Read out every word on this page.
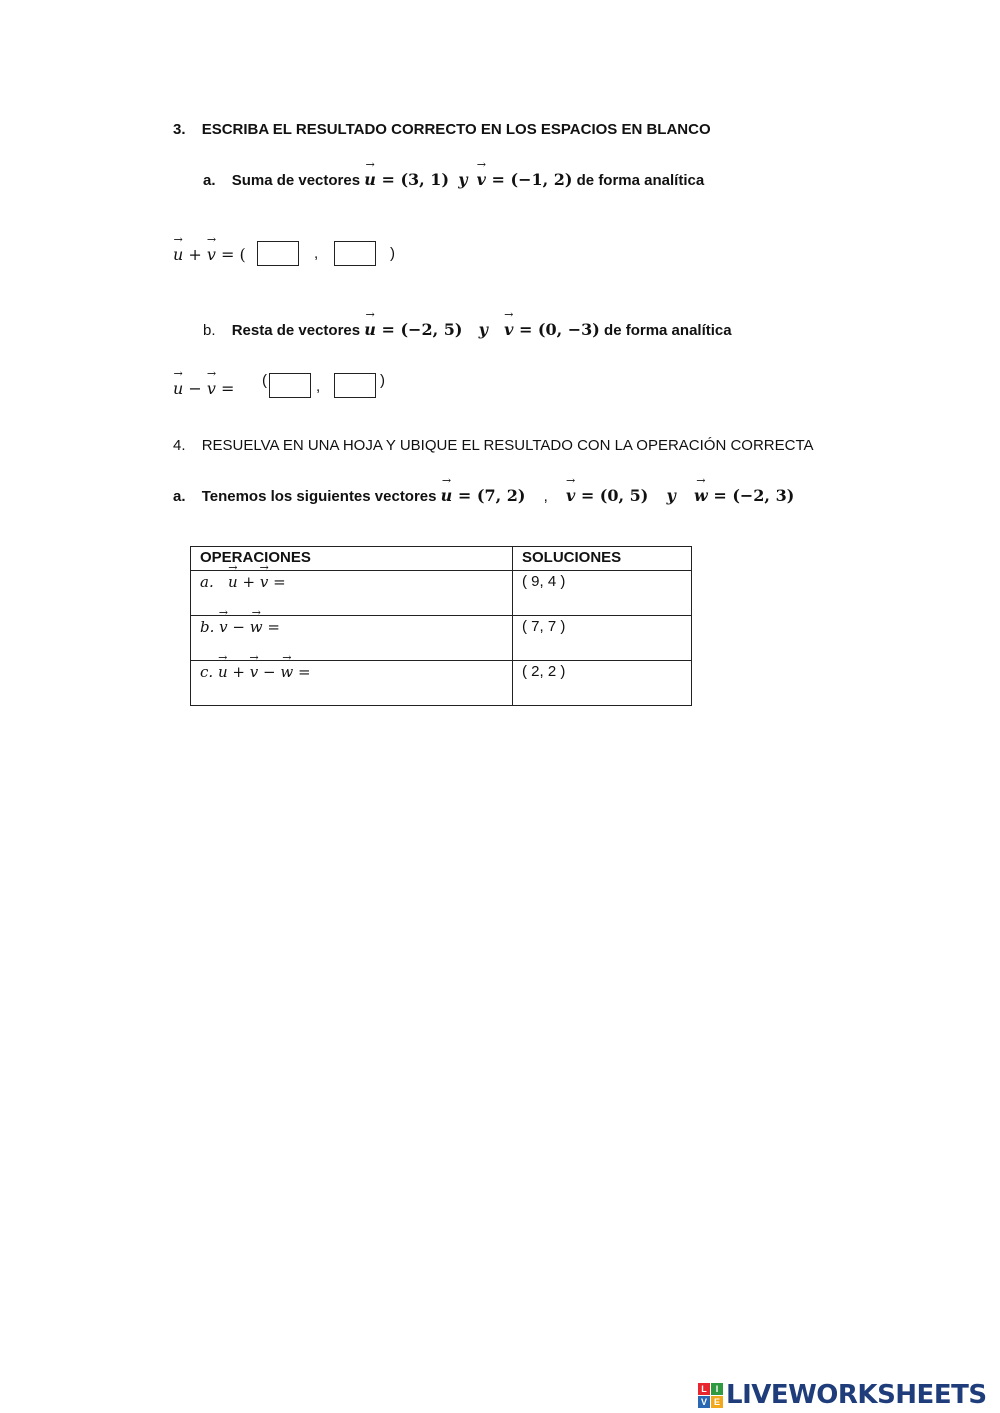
3. ESCRIBA EL RESULTADO CORRECTO EN LOS ESPACIOS EN BLANCO
a. Suma de vectores → u = (3, 1) y → v = (−1, 2) de forma analítica
→ u + → v = (	,	)
b. Resta de vectores → u = (−2, 5) y → v = (0, −3) de forma analítica
→ u − → v = (	,	)
4. RESUELVA EN UNA HOJA Y UBIQUE EL RESULTADO CON LA OPERACIÓN CORRECTA
a. Tenemos los siguientes vectores → u = (7, 2) , → v = (0, 5) y → w = (−2, 3)
OPERACIONES	SOLUCIONES
a. → u + → v =	( 9, 4 )
b. → v − → w =	( 7, 7 )
c. → u + → v − → w =	( 2, 2 )
L I
V E LIVEWORKSHEETS
